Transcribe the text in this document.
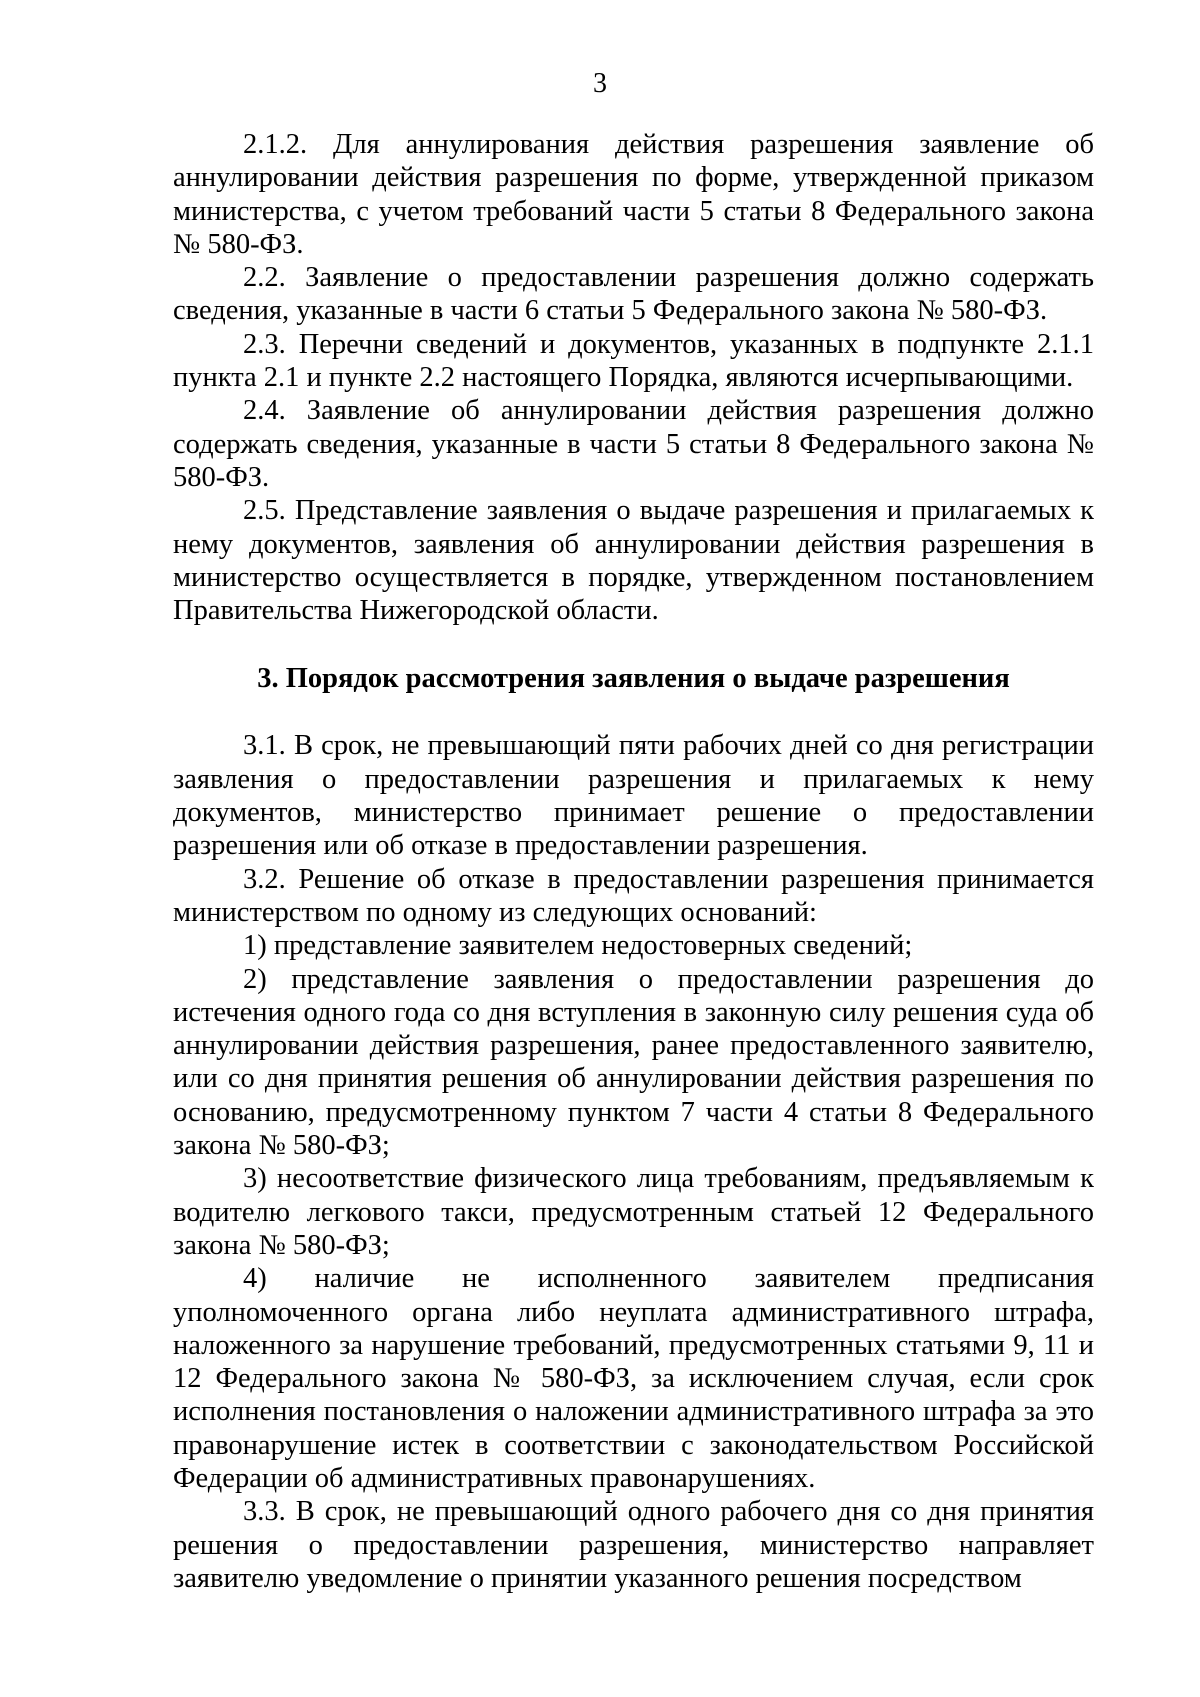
3

2.1.2. Для аннулирования действия разрешения заявление об аннулировании действия разрешения по форме, утвержденной приказом министерства, с учетом требований части 5 статьи 8 Федерального закона № 580-ФЗ.

2.2. Заявление о предоставлении разрешения должно содержать сведения, указанные в части 6 статьи 5 Федерального закона № 580-ФЗ.

2.3. Перечни сведений и документов, указанных в подпункте 2.1.1 пункта 2.1 и пункте 2.2 настоящего Порядка, являются исчерпывающими.

2.4. Заявление об аннулировании действия разрешения должно содержать сведения, указанные в части 5 статьи 8 Федерального закона № 580-ФЗ.

2.5. Представление заявления о выдаче разрешения и прилагаемых к нему документов, заявления об аннулировании действия разрешения в министерство осуществляется в порядке, утвержденном постановлением Правительства Нижегородской области.

3. Порядок рассмотрения заявления о выдаче разрешения

3.1. В срок, не превышающий пяти рабочих дней со дня регистрации заявления о предоставлении разрешения и прилагаемых к нему документов, министерство принимает решение о предоставлении разрешения или об отказе в предоставлении разрешения.

3.2. Решение об отказе в предоставлении разрешения принимается министерством по одному из следующих оснований:

1) представление заявителем недостоверных сведений;

2) представление заявления о предоставлении разрешения до истечения одного года со дня вступления в законную силу решения суда об аннулировании действия разрешения, ранее предоставленного заявителю, или со дня принятия решения об аннулировании действия разрешения по основанию, предусмотренному пунктом 7 части 4 статьи 8 Федерального закона № 580-ФЗ;

3) несоответствие физического лица требованиям, предъявляемым к водителю легкового такси, предусмотренным статьей 12 Федерального закона № 580-ФЗ;

4) наличие не исполненного заявителем предписания уполномоченного органа либо неуплата административного штрафа, наложенного за нарушение требований, предусмотренных статьями 9, 11 и 12 Федерального закона № 580-ФЗ, за исключением случая, если срок исполнения постановления о наложении административного штрафа за это правонарушение истек в соответствии с законодательством Российской Федерации об административных правонарушениях.

3.3. В срок, не превышающий одного рабочего дня со дня принятия решения о предоставлении разрешения, министерство направляет заявителю уведомление о принятии указанного решения посредством
